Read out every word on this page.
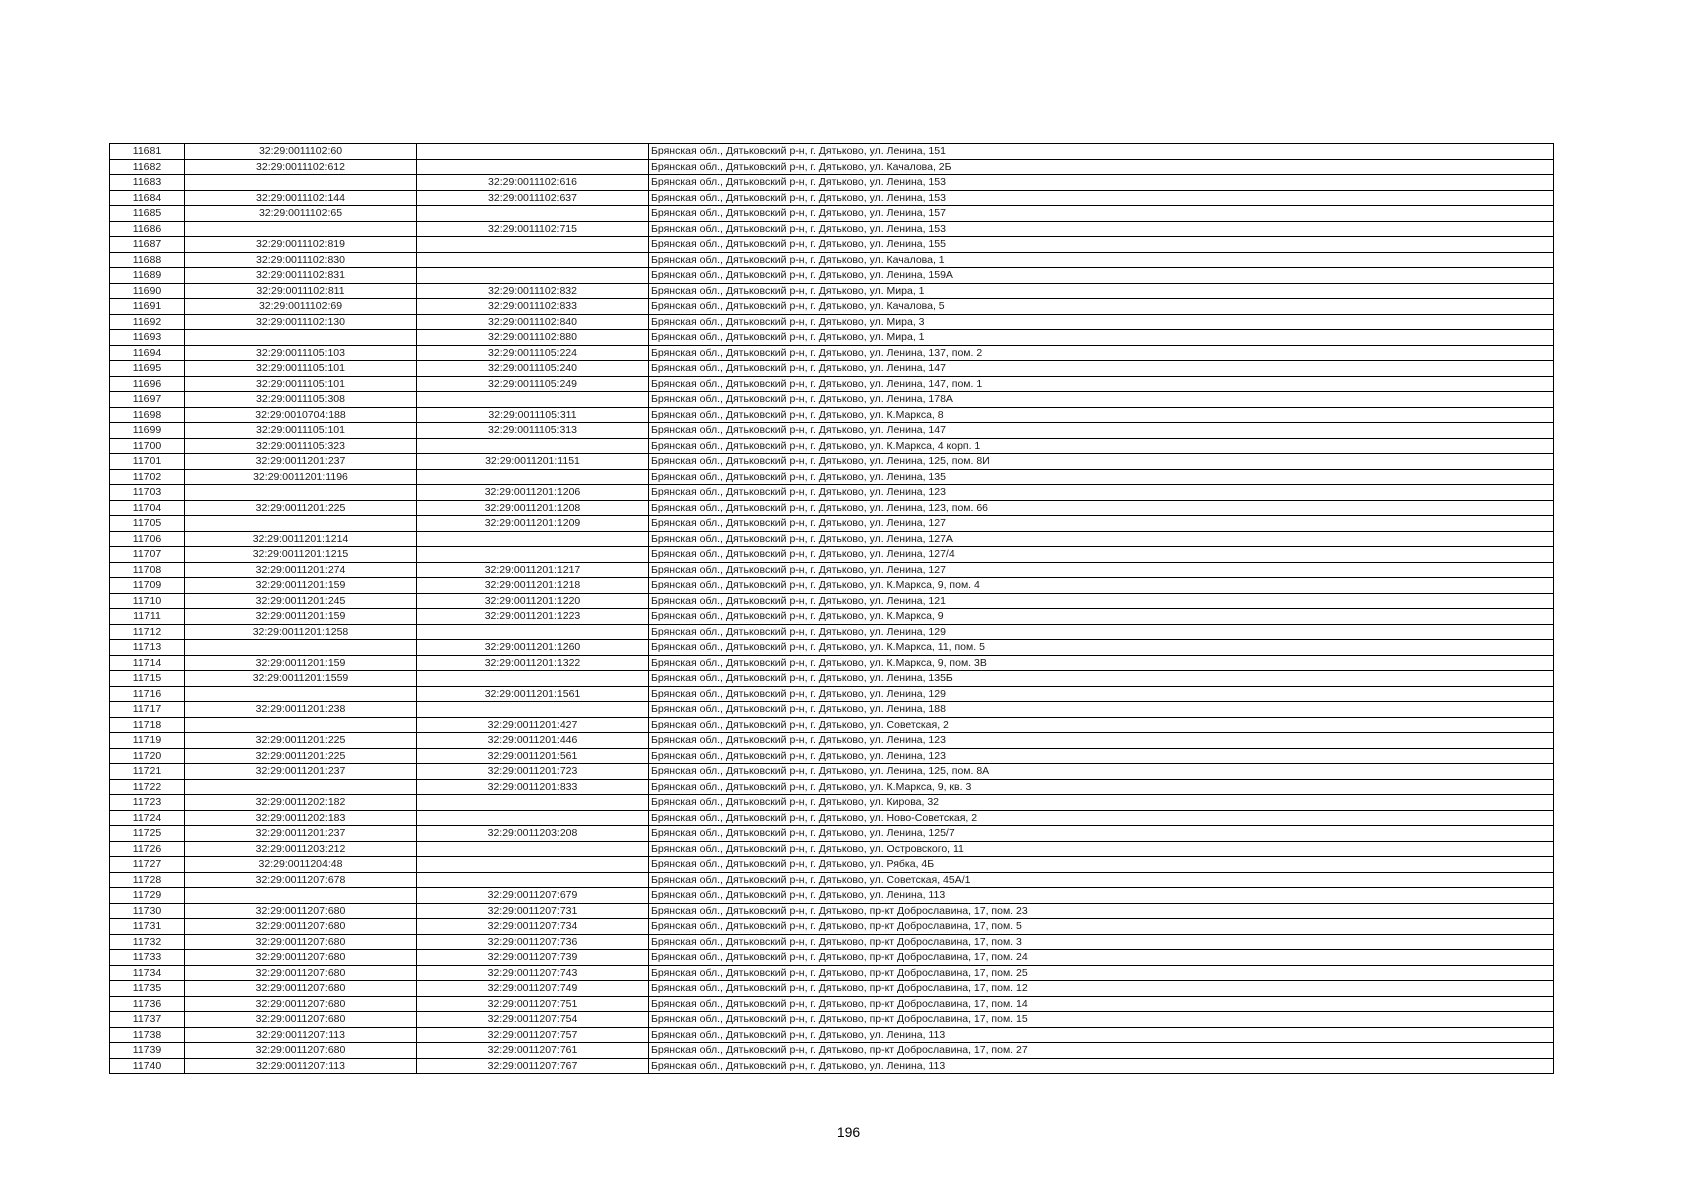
11681	32:29:0011102:60		Брянская обл., Дятьковский р-н, г. Дятьково, ул. Ленина, 151
11682	32:29:0011102:612		Брянская обл., Дятьковский р-н, г. Дятьково, ул. Качалова, 2Б
11683		32:29:0011102:616	Брянская обл., Дятьковский р-н, г. Дятьково, ул. Ленина, 153
11684	32:29:0011102:144	32:29:0011102:637	Брянская обл., Дятьковский р-н, г. Дятьково, ул. Ленина, 153
11685	32:29:0011102:65		Брянская обл., Дятьковский р-н, г. Дятьково, ул. Ленина, 157
11686		32:29:0011102:715	Брянская обл., Дятьковский р-н, г. Дятьково, ул. Ленина, 153
11687	32:29:0011102:819		Брянская обл., Дятьковский р-н, г. Дятьково, ул. Ленина, 155
11688	32:29:0011102:830		Брянская обл., Дятьковский р-н, г. Дятьково, ул. Качалова, 1
11689	32:29:0011102:831		Брянская обл., Дятьковский р-н, г. Дятьково, ул. Ленина, 159А
11690	32:29:0011102:811	32:29:0011102:832	Брянская обл., Дятьковский р-н, г. Дятьково, ул. Мира, 1
11691	32:29:0011102:69	32:29:0011102:833	Брянская обл., Дятьковский р-н, г. Дятьково, ул. Качалова, 5
11692	32:29:0011102:130	32:29:0011102:840	Брянская обл., Дятьковский р-н, г. Дятьково, ул. Мира, 3
11693		32:29:0011102:880	Брянская обл., Дятьковский р-н, г. Дятьково, ул. Мира, 1
11694	32:29:0011105:103	32:29:0011105:224	Брянская обл., Дятьковский р-н, г. Дятьково, ул. Ленина, 137, пом. 2
11695	32:29:0011105:101	32:29:0011105:240	Брянская обл., Дятьковский р-н, г. Дятьково, ул. Ленина, 147
11696	32:29:0011105:101	32:29:0011105:249	Брянская обл., Дятьковский р-н, г. Дятьково, ул. Ленина, 147, пом. 1
11697	32:29:0011105:308		Брянская обл., Дятьковский р-н, г. Дятьково, ул. Ленина, 178А
11698	32:29:0010704:188	32:29:0011105:311	Брянская обл., Дятьковский р-н, г. Дятьково, ул. К.Маркса, 8
11699	32:29:0011105:101	32:29:0011105:313	Брянская обл., Дятьковский р-н, г. Дятьково, ул. Ленина, 147
11700	32:29:0011105:323		Брянская обл., Дятьковский р-н, г. Дятьково, ул. К.Маркса, 4 корп. 1
11701	32:29:0011201:237	32:29:0011201:1151	Брянская обл., Дятьковский р-н, г. Дятьково, ул. Ленина, 125, пом. 8И
11702	32:29:0011201:1196		Брянская обл., Дятьковский р-н, г. Дятьково, ул. Ленина, 135
11703		32:29:0011201:1206	Брянская обл., Дятьковский р-н, г. Дятьково, ул. Ленина, 123
11704	32:29:0011201:225	32:29:0011201:1208	Брянская обл., Дятьковский р-н, г. Дятьково, ул. Ленина, 123, пом. 66
11705		32:29:0011201:1209	Брянская обл., Дятьковский р-н, г. Дятьково, ул. Ленина, 127
11706	32:29:0011201:1214		Брянская обл., Дятьковский р-н, г. Дятьково, ул. Ленина, 127А
11707	32:29:0011201:1215		Брянская обл., Дятьковский р-н, г. Дятьково, ул. Ленина, 127/4
11708	32:29:0011201:274	32:29:0011201:1217	Брянская обл., Дятьковский р-н, г. Дятьково, ул. Ленина, 127
11709	32:29:0011201:159	32:29:0011201:1218	Брянская обл., Дятьковский р-н, г. Дятьково, ул. К.Маркса, 9, пом. 4
11710	32:29:0011201:245	32:29:0011201:1220	Брянская обл., Дятьковский р-н, г. Дятьково, ул. Ленина, 121
11711	32:29:0011201:159	32:29:0011201:1223	Брянская обл., Дятьковский р-н, г. Дятьково, ул. К.Маркса, 9
11712	32:29:0011201:1258		Брянская обл., Дятьковский р-н, г. Дятьково, ул. Ленина, 129
11713		32:29:0011201:1260	Брянская обл., Дятьковский р-н, г. Дятьково, ул. К.Маркса, 11, пом. 5
11714	32:29:0011201:159	32:29:0011201:1322	Брянская обл., Дятьковский р-н, г. Дятьково, ул. К.Маркса, 9, пом. 3В
11715	32:29:0011201:1559		Брянская обл., Дятьковский р-н, г. Дятьково, ул. Ленина, 135Б
11716		32:29:0011201:1561	Брянская обл., Дятьковский р-н, г. Дятьково, ул. Ленина, 129
11717	32:29:0011201:238		Брянская обл., Дятьковский р-н, г. Дятьково, ул. Ленина, 188
11718		32:29:0011201:427	Брянская обл., Дятьковский р-н, г. Дятьково, ул. Советская, 2
11719	32:29:0011201:225	32:29:0011201:446	Брянская обл., Дятьковский р-н, г. Дятьково, ул. Ленина, 123
11720	32:29:0011201:225	32:29:0011201:561	Брянская обл., Дятьковский р-н, г. Дятьково, ул. Ленина, 123
11721	32:29:0011201:237	32:29:0011201:723	Брянская обл., Дятьковский р-н, г. Дятьково, ул. Ленина, 125, пом. 8А
11722		32:29:0011201:833	Брянская обл., Дятьковский р-н, г. Дятьково, ул. К.Маркса, 9, кв. 3
11723	32:29:0011202:182		Брянская обл., Дятьковский р-н, г. Дятьково, ул. Кирова, 32
11724	32:29:0011202:183		Брянская обл., Дятьковский р-н, г. Дятьково, ул. Ново-Советская, 2
11725	32:29:0011201:237	32:29:0011203:208	Брянская обл., Дятьковский р-н, г. Дятьково, ул. Ленина, 125/7
11726	32:29:0011203:212		Брянская обл., Дятьковский р-н, г. Дятьково, ул. Островского, 11
11727	32:29:0011204:48		Брянская обл., Дятьковский р-н, г. Дятьково, ул. Рябка, 4Б
11728	32:29:0011207:678		Брянская обл., Дятьковский р-н, г. Дятьково, ул. Советская, 45А/1
11729		32:29:0011207:679	Брянская обл., Дятьковский р-н, г. Дятьково, ул. Ленина, 113
11730	32:29:0011207:680	32:29:0011207:731	Брянская обл., Дятьковский р-н, г. Дятьково, пр-кт Доброславина, 17, пом. 23
11731	32:29:0011207:680	32:29:0011207:734	Брянская обл., Дятьковский р-н, г. Дятьково, пр-кт Доброславина, 17, пом. 5
11732	32:29:0011207:680	32:29:0011207:736	Брянская обл., Дятьковский р-н, г. Дятьково, пр-кт Доброславина, 17, пом. 3
11733	32:29:0011207:680	32:29:0011207:739	Брянская обл., Дятьковский р-н, г. Дятьково, пр-кт Доброславина, 17, пом. 24
11734	32:29:0011207:680	32:29:0011207:743	Брянская обл., Дятьковский р-н, г. Дятьково, пр-кт Доброславина, 17, пом. 25
11735	32:29:0011207:680	32:29:0011207:749	Брянская обл., Дятьковский р-н, г. Дятьково, пр-кт Доброславина, 17, пом. 12
11736	32:29:0011207:680	32:29:0011207:751	Брянская обл., Дятьковский р-н, г. Дятьково, пр-кт Доброславина, 17, пом. 14
11737	32:29:0011207:680	32:29:0011207:754	Брянская обл., Дятьковский р-н, г. Дятьково, пр-кт Доброславина, 17, пом. 15
11738	32:29:0011207:113	32:29:0011207:757	Брянская обл., Дятьковский р-н, г. Дятьково, ул. Ленина, 113
11739	32:29:0011207:680	32:29:0011207:761	Брянская обл., Дятьковский р-н, г. Дятьково, пр-кт Доброславина, 17, пом. 27
11740	32:29:0011207:113	32:29:0011207:767	Брянская обл., Дятьковский р-н, г. Дятьково, ул. Ленина, 113
196
